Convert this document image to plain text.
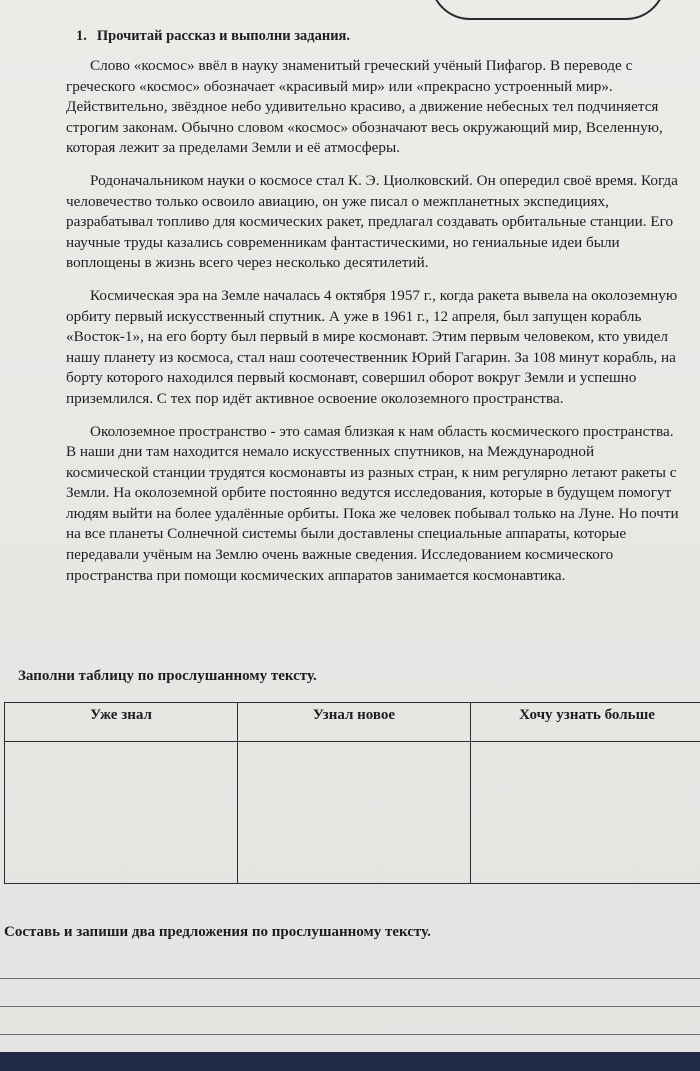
1. Прочитай рассказ и выполни задания.

Слово «космос» ввёл в науку знаменитый греческий учёный Пифагор. В переводе с греческого «космос» обозначает «красивый мир» или «прекрасно устроенный мир». Действительно, звёздное небо удивительно красиво, а движение небесных тел подчиняется строгим законам. Обычно словом «космос» обозначают весь окружающий мир, Вселенную, которая лежит за пределами Земли и её атмосферы.

Родоначальником науки о космосе стал К. Э. Циолковский. Он опередил своё время. Когда человечество только освоило авиацию, он уже писал о межпланетных экспедициях, разрабатывал топливо для космических ракет, предлагал создавать орбитальные станции. Его научные труды казались современникам фантастическими, но гениальные идеи были воплощены в жизнь всего через несколько десятилетий.

Космическая эра на Земле началась 4 октября 1957 г., когда ракета вывела на околоземную орбиту первый искусственный спутник. А уже в 1961 г., 12 апреля, был запущен корабль «Восток-1», на его борту был первый в мире космонавт. Этим первым человеком, кто увидел нашу планету из космоса, стал наш соотечественник Юрий Гагарин. За 108 минут корабль, на борту которого находился первый космонавт, совершил оборот вокруг Земли и успешно приземлился. С тех пор идёт активное освоение околоземного пространства.

Околоземное пространство - это самая близкая к нам область космического пространства. В наши дни там находится немало искусственных спутников, на Международной космической станции трудятся космонавты из разных стран, к ним регулярно летают ракеты с Земли. На околоземной орбите постоянно ведутся исследования, которые в будущем помогут людям выйти на более удалённые орбиты. Пока же человек побывал только на Луне. Но почти на все планеты Солнечной системы были доставлены специальные аппараты, которые передавали учёным на Землю очень важные сведения. Исследованием космического пространства при помощи космических аппаратов занимается космонавтика.

Заполни таблицу по прослушанному тексту.
Уже знал	Узнал новое	Хочу узнать больше

Составь и запиши два предложения по прослушанному тексту.
